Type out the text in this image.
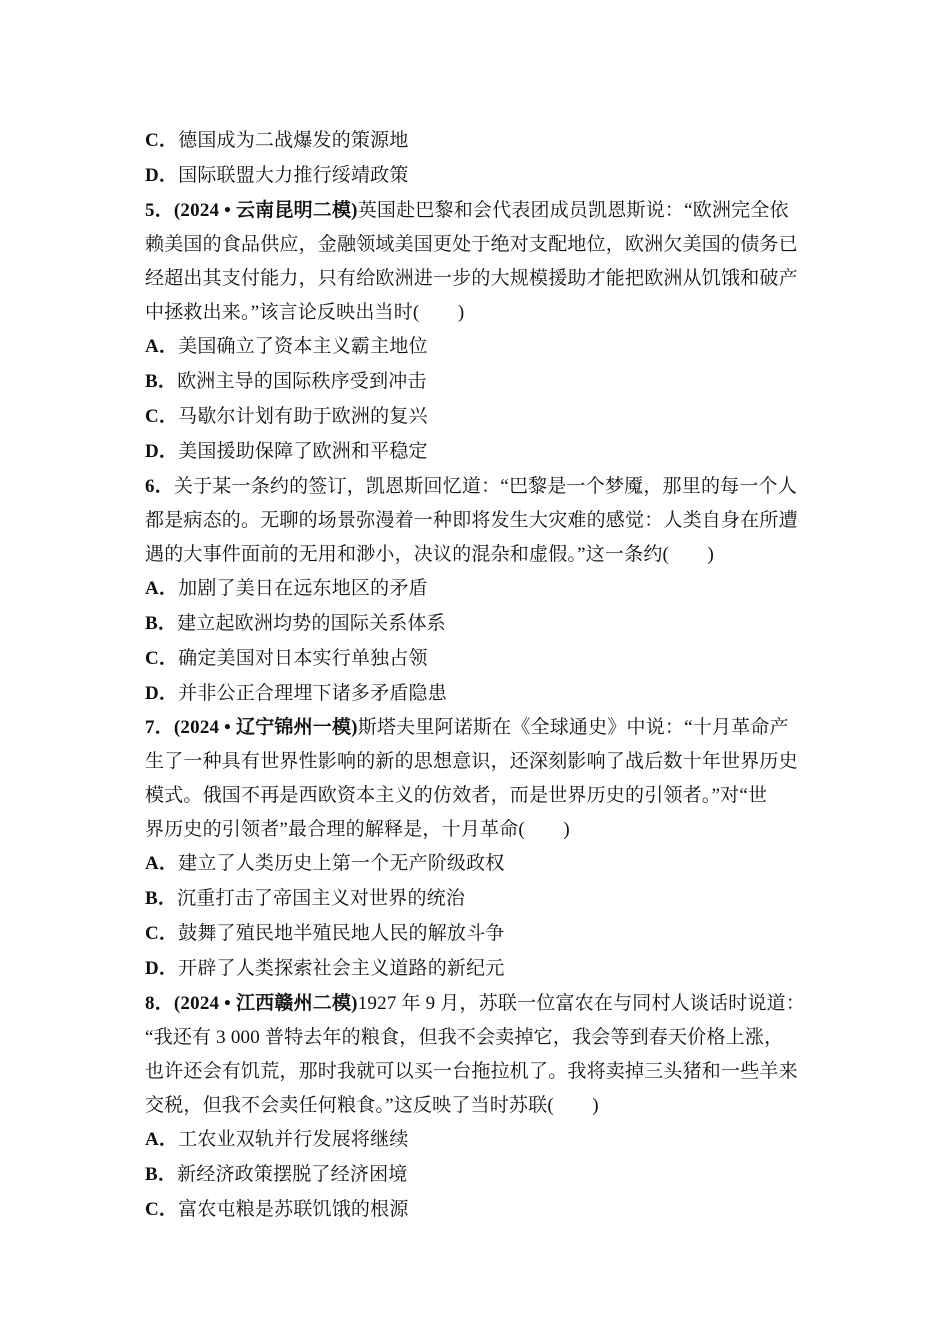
C．德国成为二战爆发的策源地
D．国际联盟大力推行绥靖政策
5．(2024 • 云南昆明二模)英国赴巴黎和会代表团成员凯恩斯说：“欧洲完全依
赖美国的食品供应，金融领域美国更处于绝对支配地位，欧洲欠美国的债务已
经超出其支付能力，只有给欧洲进一步的大规模援助才能把欧洲从饥饿和破产
中拯救出来。”该言论反映出当时(　　)
A．美国确立了资本主义霸主地位
B．欧洲主导的国际秩序受到冲击
C．马歇尔计划有助于欧洲的复兴
D．美国援助保障了欧洲和平稳定
6．关于某一条约的签订，凯恩斯回忆道：“巴黎是一个梦魇，那里的每一个人
都是病态的。无聊的场景弥漫着一种即将发生大灾难的感觉：人类自身在所遭
遇的大事件面前的无用和渺小，决议的混杂和虚假。”这一条约(　　)
A．加剧了美日在远东地区的矛盾
B．建立起欧洲均势的国际关系体系
C．确定美国对日本实行单独占领
D．并非公正合理埋下诸多矛盾隐患
7．(2024 • 辽宁锦州一模)斯塔夫里阿诺斯在《全球通史》中说：“十月革命产
生了一种具有世界性影响的新的思想意识，还深刻影响了战后数十年世界历史
模式。俄国不再是西欧资本主义的仿效者，而是世界历史的引领者。”对“世
界历史的引领者”最合理的解释是，十月革命(　　)
A．建立了人类历史上第一个无产阶级政权
B．沉重打击了帝国主义对世界的统治
C．鼓舞了殖民地半殖民地人民的解放斗争
D．开辟了人类探索社会主义道路的新纪元
8．(2024 • 江西赣州二模)1927 年 9 月，苏联一位富农在与同村人谈话时说道：
“我还有 3 000 普特去年的粮食，但我不会卖掉它，我会等到春天价格上涨，
也许还会有饥荒，那时我就可以买一台拖拉机了。我将卖掉三头猪和一些羊来
交税，但我不会卖任何粮食。”这反映了当时苏联(　　)
A．工农业双轨并行发展将继续
B．新经济政策摆脱了经济困境
C．富农屯粮是苏联饥饿的根源
